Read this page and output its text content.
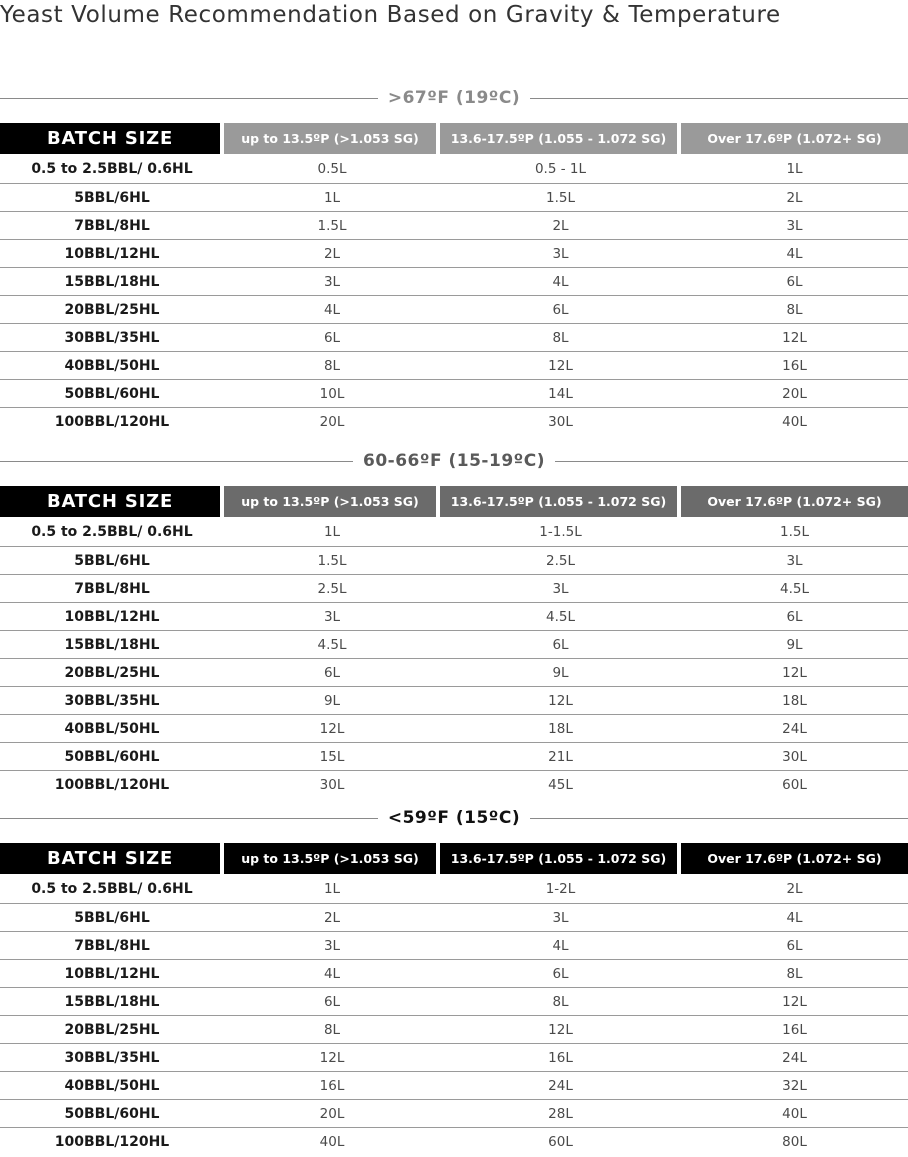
Yeast Volume Recommendation Based on Gravity & Temperature
>67ºF (19ºC)
BATCH SIZE	up to 13.5ºP (>1.053 SG)	13.6-17.5ºP (1.055 - 1.072 SG)	Over 17.6ºP (1.072+ SG)
0.5 to 2.5BBL/ 0.6HL	0.5L	0.5 - 1L	1L
5BBL/6HL	1L	1.5L	2L
7BBL/8HL	1.5L	2L	3L
10BBL/12HL	2L	3L	4L
15BBL/18HL	3L	4L	6L
20BBL/25HL	4L	6L	8L
30BBL/35HL	6L	8L	12L
40BBL/50HL	8L	12L	16L
50BBL/60HL	10L	14L	20L
100BBL/120HL	20L	30L	40L
60-66ºF (15-19ºC)
BATCH SIZE	up to 13.5ºP (>1.053 SG)	13.6-17.5ºP (1.055 - 1.072 SG)	Over 17.6ºP (1.072+ SG)
0.5 to 2.5BBL/ 0.6HL	1L	1-1.5L	1.5L
5BBL/6HL	1.5L	2.5L	3L
7BBL/8HL	2.5L	3L	4.5L
10BBL/12HL	3L	4.5L	6L
15BBL/18HL	4.5L	6L	9L
20BBL/25HL	6L	9L	12L
30BBL/35HL	9L	12L	18L
40BBL/50HL	12L	18L	24L
50BBL/60HL	15L	21L	30L
100BBL/120HL	30L	45L	60L
<59ºF (15ºC)
BATCH SIZE	up to 13.5ºP (>1.053 SG)	13.6-17.5ºP (1.055 - 1.072 SG)	Over 17.6ºP (1.072+ SG)
0.5 to 2.5BBL/ 0.6HL	1L	1-2L	2L
5BBL/6HL	2L	3L	4L
7BBL/8HL	3L	4L	6L
10BBL/12HL	4L	6L	8L
15BBL/18HL	6L	8L	12L
20BBL/25HL	8L	12L	16L
30BBL/35HL	12L	16L	24L
40BBL/50HL	16L	24L	32L
50BBL/60HL	20L	28L	40L
100BBL/120HL	40L	60L	80L
